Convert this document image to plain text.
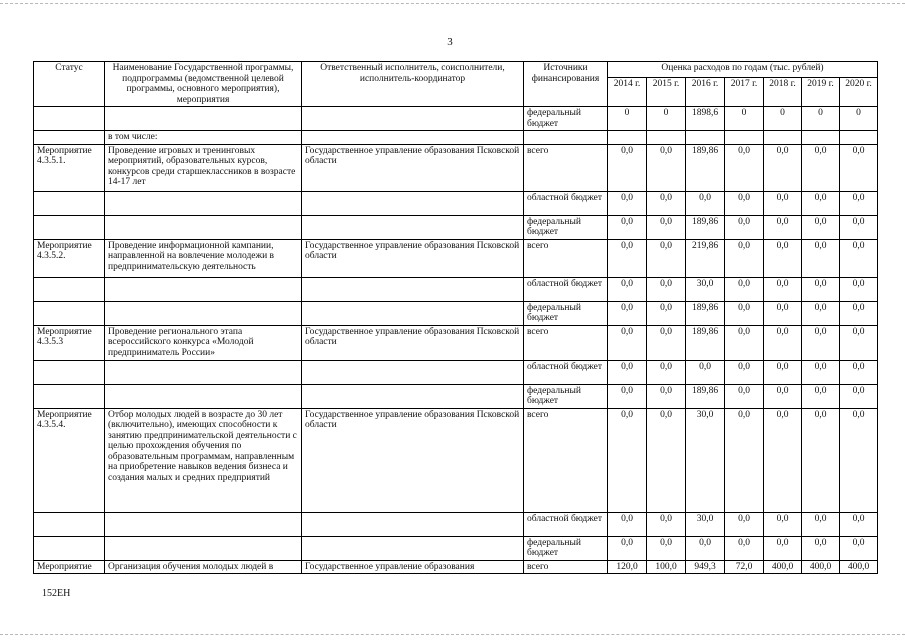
3
Статус	Наименование Государственной программы, подпрограммы (ведомственной целевой программы, основного мероприятия), мероприятия	Ответственный исполнитель, соисполнители, исполнитель-координатор	Источники финансирования	Оценка расходов по годам (тыс. рублей)						
				2014 г.	2015 г.	2016 г.	2017 г.	2018 г.	2019 г.	2020 г.
			федеральный бюджет	0	0	1898,6	0	0	0	0
	в том числе:									
Мероприятие 4.3.5.1.	Проведение игровых и тренинговых мероприятий, образовательных курсов, конкурсов среди старшеклассников в возрасте 14-17 лет	Государственное управление образования Псковской области	всего	0,0	0,0	189,86	0,0	0,0	0,0	0,0
			областной бюджет	0,0	0,0	0,0	0,0	0,0	0,0	0,0
			федеральный бюджет	0,0	0,0	189,86	0,0	0,0	0,0	0,0
Мероприятие 4.3.5.2.	Проведение информационной кампании, направленной на вовлечение молодежи в предпринимательскую деятельность	Государственное управление образования Псковской области	всего	0,0	0,0	219,86	0,0	0,0	0,0	0,0
			областной бюджет	0,0	0,0	30,0	0,0	0,0	0,0	0,0
			федеральный бюджет	0,0	0,0	189,86	0,0	0,0	0,0	0,0
Мероприятие 4.3.5.3	Проведение регионального этапа всероссийского конкурса «Молодой предприниматель России»	Государственное управление образования Псковской области	всего	0,0	0,0	189,86	0,0	0,0	0,0	0,0
			областной бюджет	0,0	0,0	0,0	0,0	0,0	0,0	0,0
			федеральный бюджет	0,0	0,0	189,86	0,0	0,0	0,0	0,0
Мероприятие 4.3.5.4.	Отбор молодых людей в возрасте до 30 лет (включительно), имеющих способности к занятию предпринимательской деятельности с целью прохождения обучения по образовательным программам, направленным на приобретение навыков ведения бизнеса и создания малых и средних предприятий	Государственное управление образования Псковской области	всего	0,0	0,0	30,0	0,0	0,0	0,0	0,0
			областной бюджет	0,0	0,0	30,0	0,0	0,0	0,0	0,0
			федеральный бюджет	0,0	0,0	0,0	0,0	0,0	0,0	0,0
Мероприятие	Организация обучения молодых людей в	Государственное управление образования	всего	120,0	100,0	949,3	72,0	400,0	400,0	400,0
152ЕН
